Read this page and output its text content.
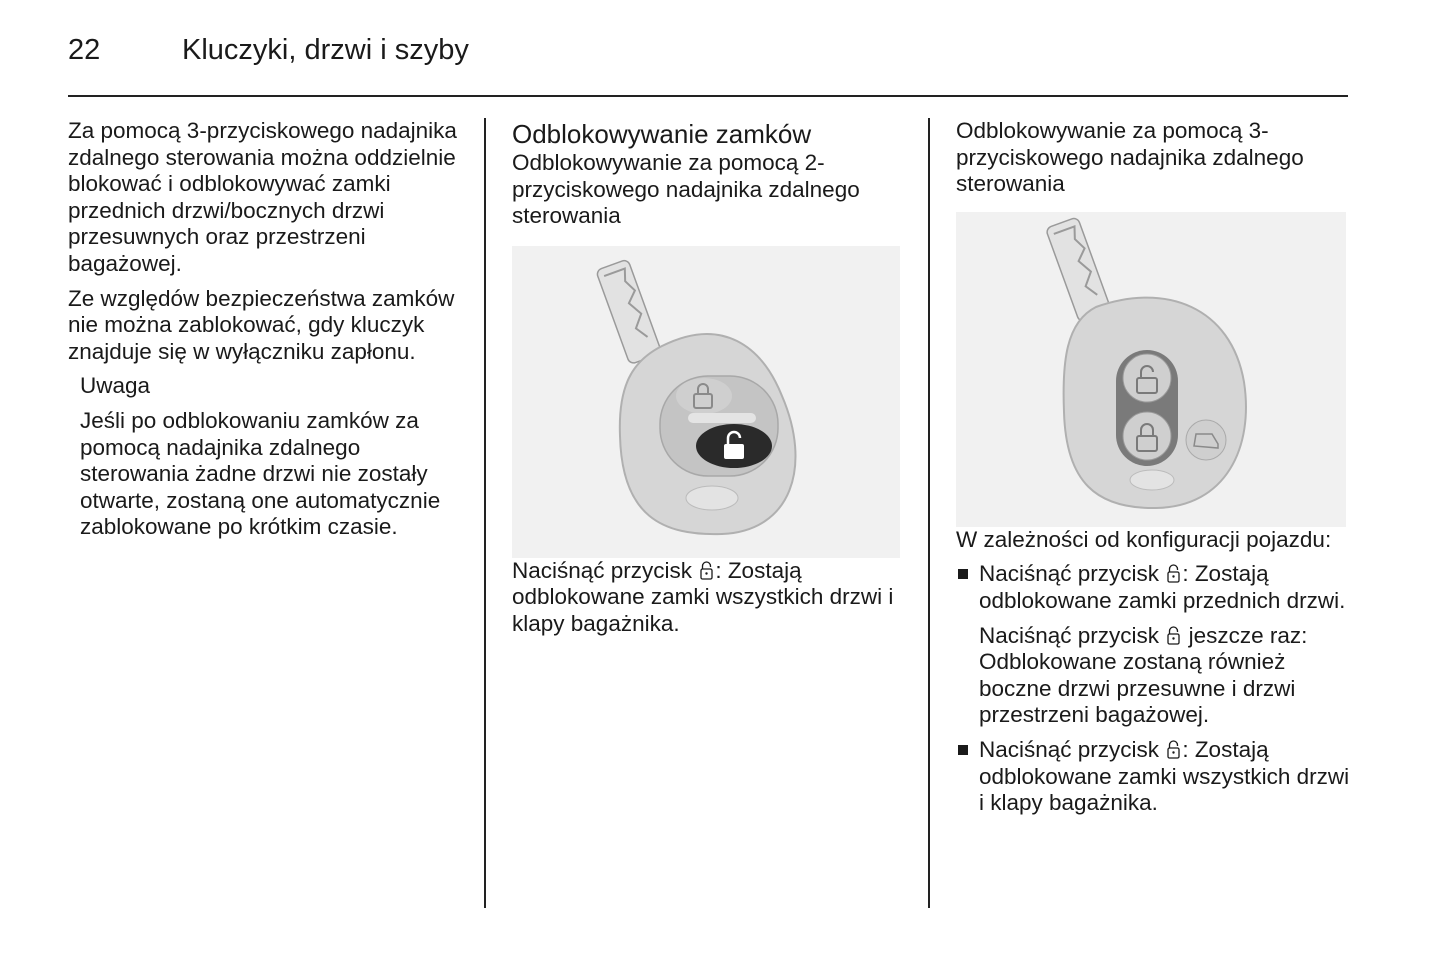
22	Kluczyki, drzwi i szyby

Za pomocą 3-przyciskowego nadajnika zdalnego sterowania można oddzielnie blokować i odblokowywać zamki przednich drzwi/bocznych drzwi przesuwnych oraz przestrzeni bagażowej.

Ze względów bezpieczeństwa zamków nie można zablokować, gdy kluczyk znajduje się w wyłączniku zapłonu.

Uwaga

Jeśli po odblokowaniu zamków za pomocą nadajnika zdalnego sterowania żadne drzwi nie zostały otwarte, zostaną one automatycznie zablokowane po krótkim czasie.

Odblokowywanie zamków

Odblokowywanie za pomocą 2-przyciskowego nadajnika zdalnego sterowania

Naciśnąć przycisk : Zostają odblokowane zamki wszystkich drzwi i klapy bagażnika.

Odblokowywanie za pomocą 3-przyciskowego nadajnika zdalnego sterowania

W zależności od konfiguracji pojazdu:

Naciśnąć przycisk : Zostają odblokowane zamki przednich drzwi.

Naciśnąć przycisk  jeszcze raz: Odblokowane zostaną również boczne drzwi przesuwne i drzwi przestrzeni bagażowej.

Naciśnąć przycisk : Zostają odblokowane zamki wszystkich drzwi i klapy bagażnika.
